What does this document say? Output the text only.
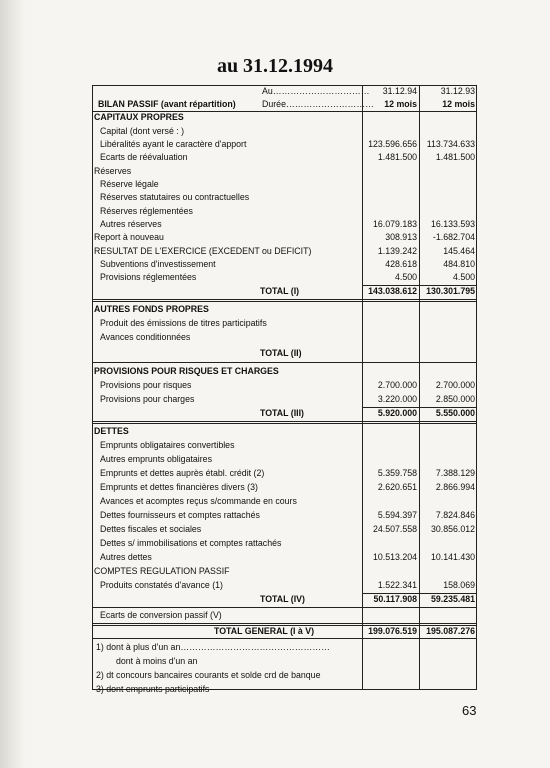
au 31.12.1994
Au……………………………	31.12.94	31.12.93
BILAN PASSIF (avant répartition)	Durée…………………………	12 mois	12 mois
CAPITAUX PROPRES
Capital (dont versé : )
Libéralités ayant le caractère d'apport	123.596.656	113.734.633
Ecarts de réévaluation	1.481.500	1.481.500
Réserves
Réserve légale
Réserves statutaires ou contractuelles
Réserves réglementées
Autres réserves	16.079.183	16.133.593
Report à nouveau	308.913	-1.682.704
RESULTAT DE L'EXERCICE (EXCEDENT ou DEFICIT)	1.139.242	145.464
Subventions d'investissement	428.618	484.810
Provisions réglementées	4.500	4.500
TOTAL (I)	143.038.612	130.301.795
AUTRES FONDS PROPRES
Produit des émissions de titres participatifs
Avances conditionnées
TOTAL (II)
PROVISIONS POUR RISQUES ET CHARGES
Provisions pour risques	2.700.000	2.700.000
Provisions pour charges	3.220.000	2.850.000
TOTAL (III)	5.920.000	5.550.000
DETTES
Emprunts obligataires convertibles
Autres emprunts obligataires
Emprunts et dettes auprès établ. crédit (2)	5.359.758	7.388.129
Emprunts et dettes financières divers (3)	2.620.651	2.866.994
Avances et acomptes reçus s/commande en cours
Dettes fournisseurs et comptes rattachés	5.594.397	7.824.846
Dettes fiscales et sociales	24.507.558	30.856.012
Dettes s/ immobilisations et comptes rattachés
Autres dettes	10.513.204	10.141.430
COMPTES REGULATION PASSIF
Produits constatés d'avance (1)	1.522.341	158.069
TOTAL (IV)	50.117.908	59.235.481
Ecarts de conversion passif (V)
TOTAL GENERAL (I à V)	199.076.519	195.087.276
1) dont à plus d'un an……………………………………………
dont à moins d'un an
2) dt concours bancaires courants et solde crd de banque
3) dont emprunts participatifs
63
